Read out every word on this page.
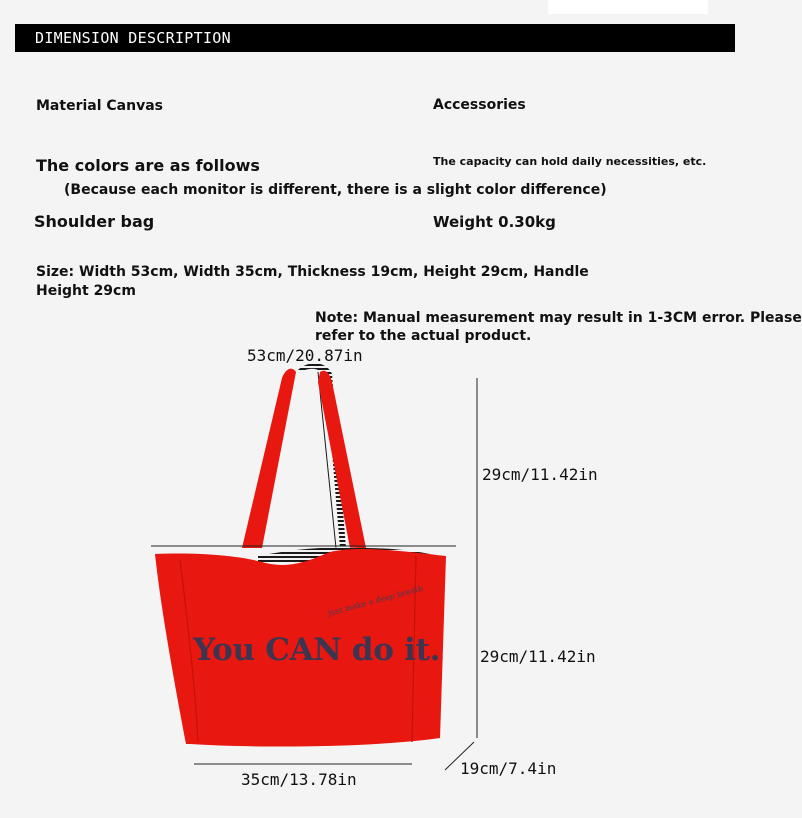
DIMENSION DESCRIPTION
Material Canvas	Accessories
The colors are as follows	The capacity can hold daily necessities, etc.
(Because each monitor is different, there is a slight color difference)
Shoulder bag	Weight 0.30kg
Size: Width 53cm, Width 35cm, Thickness 19cm, Height 29cm, Handle
Height 29cm
Note: Manual measurement may result in 1-3CM error. Please
refer to the actual product.
You CAN do it.
just make a deep breath
53cm/20.87in
29cm/11.42in
29cm/11.42in
35cm/13.78in
19cm/7.4in
